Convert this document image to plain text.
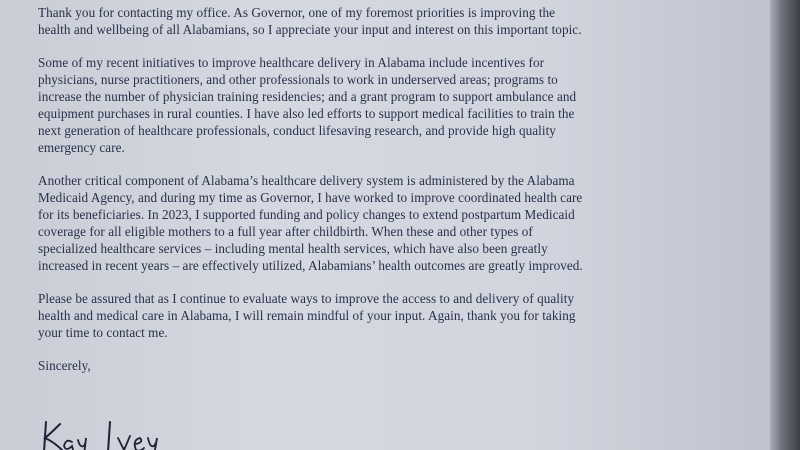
Thank you for contacting my office. As Governor, one of my foremost priorities is improving the
health and wellbeing of all Alabamians, so I appreciate your input and interest on this important topic.

Some of my recent initiatives to improve healthcare delivery in Alabama include incentives for
physicians, nurse practitioners, and other professionals to work in underserved areas; programs to
increase the number of physician training residencies; and a grant program to support ambulance and
equipment purchases in rural counties. I have also led efforts to support medical facilities to train the
next generation of healthcare professionals, conduct lifesaving research, and provide high quality
emergency care.

Another critical component of Alabama’s healthcare delivery system is administered by the Alabama
Medicaid Agency, and during my time as Governor, I have worked to improve coordinated health care
for its beneficiaries. In 2023, I supported funding and policy changes to extend postpartum Medicaid
coverage for all eligible mothers to a full year after childbirth. When these and other types of
specialized healthcare services – including mental health services, which have also been greatly
increased in recent years – are effectively utilized, Alabamians’ health outcomes are greatly improved.

Please be assured that as I continue to evaluate ways to improve the access to and delivery of quality
health and medical care in Alabama, I will remain mindful of your input. Again, thank you for taking
your time to contact me.

Sincerely,
